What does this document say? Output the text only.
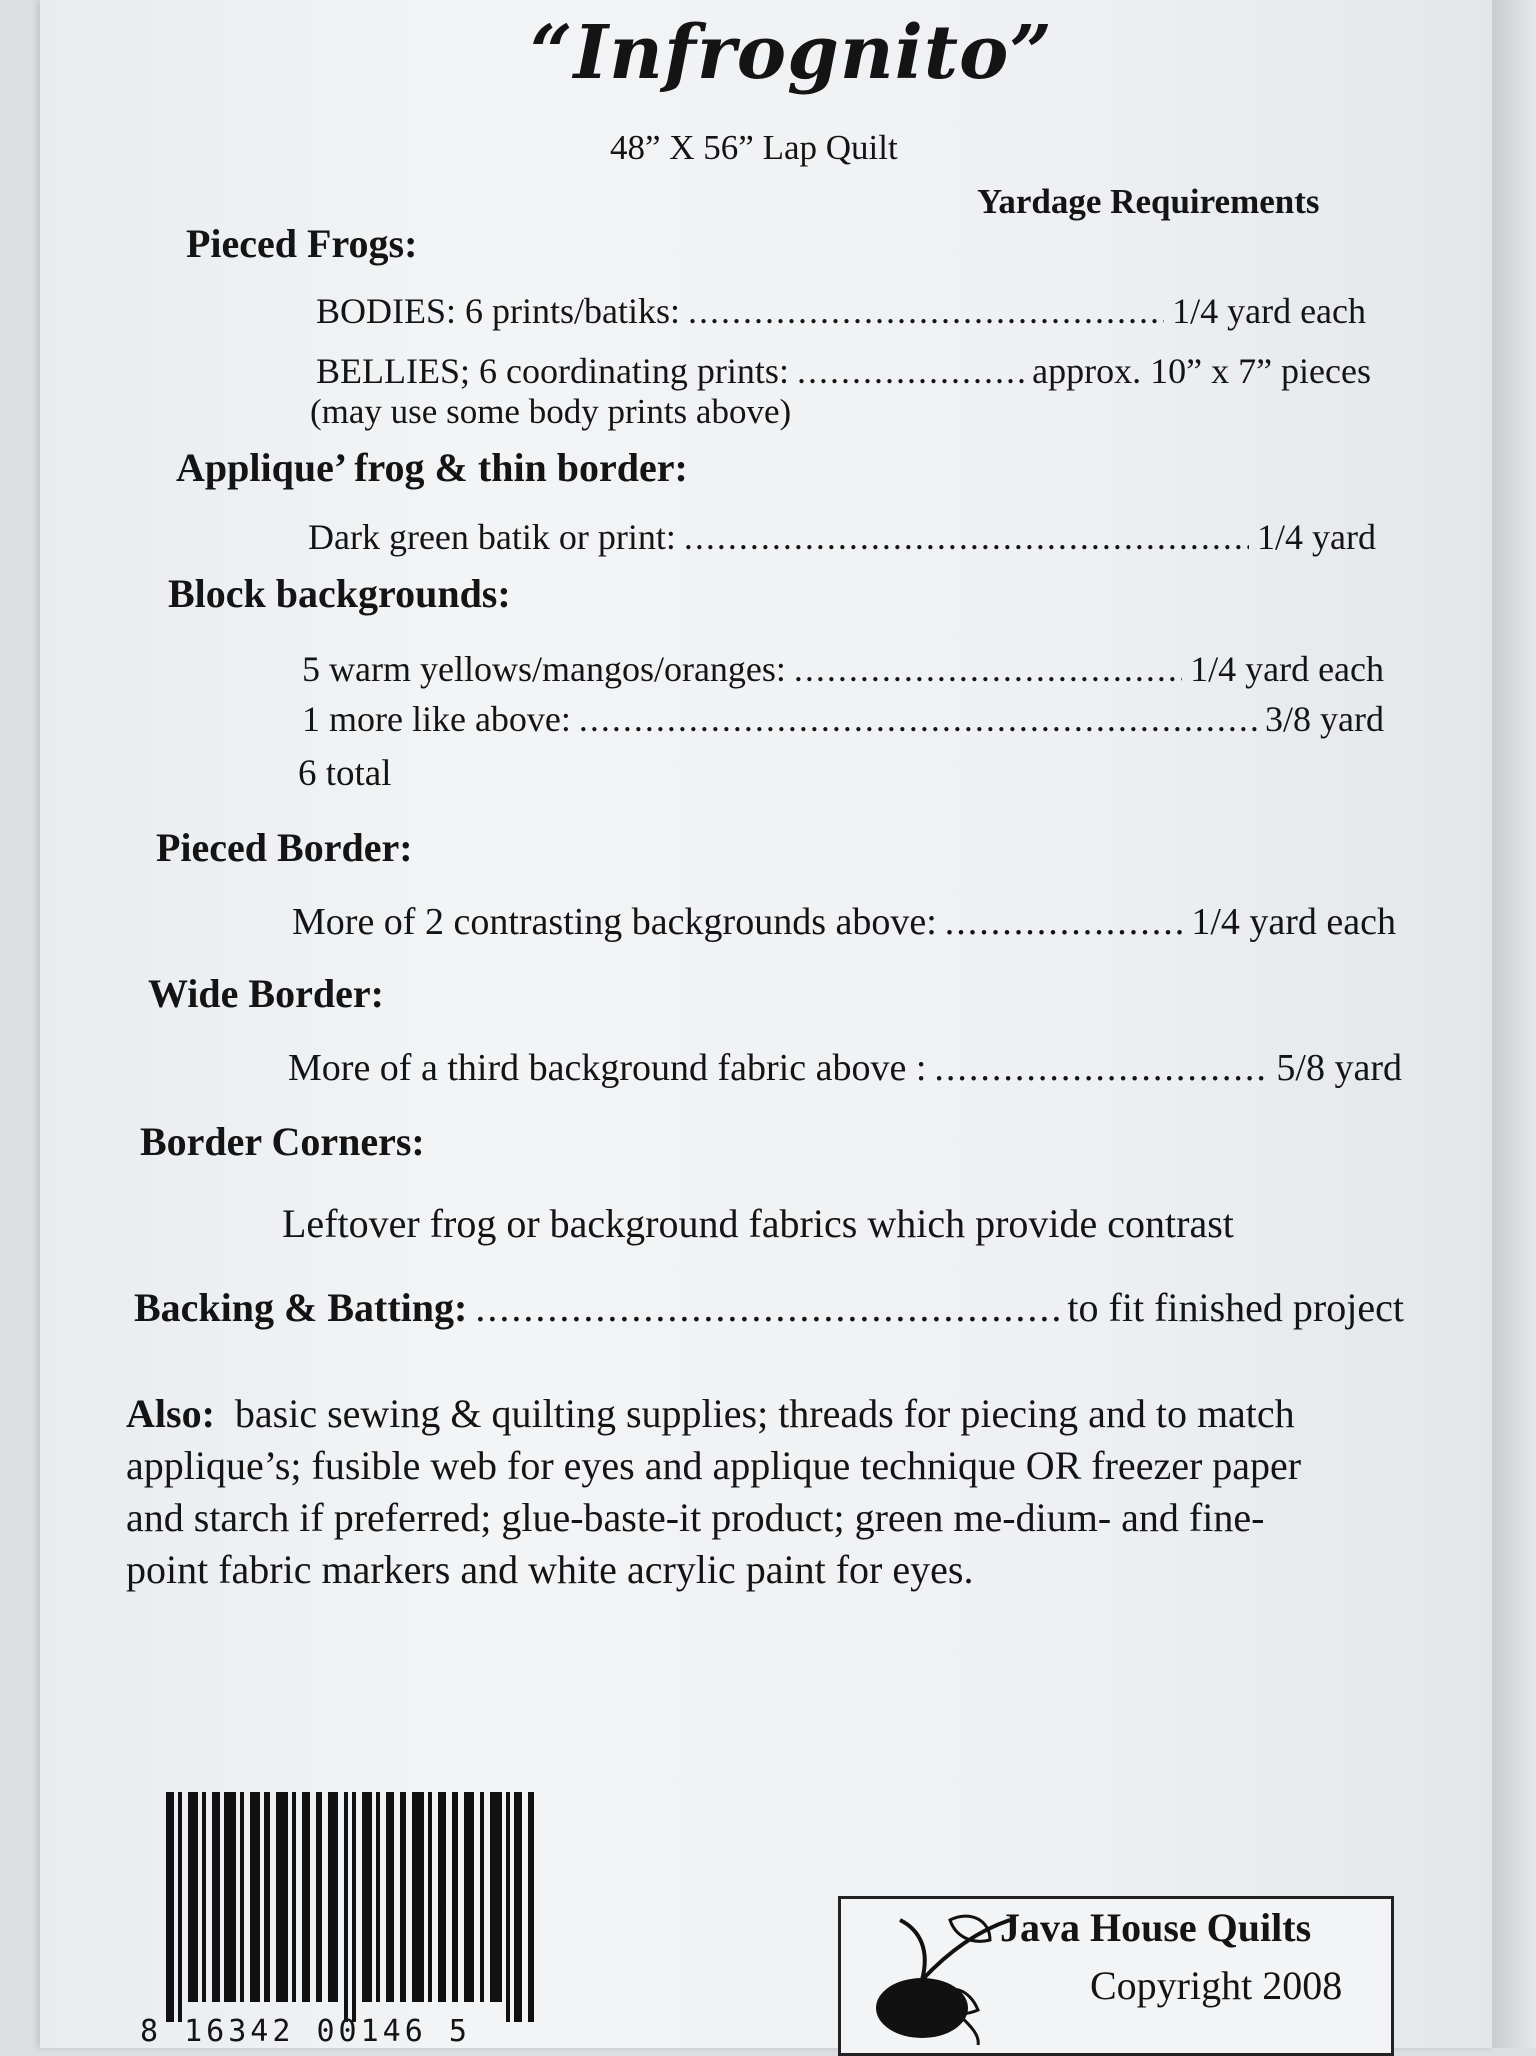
“Infrognito”
48” X 56” Lap Quilt
Yardage Requirements
Pieced Frogs:
BODIES: 6 prints/batiks: .....	1/4 yard each
BELLIES; 6 coordinating prints: .....	approx. 10” x 7” pieces
(may use some body prints above)
Applique’ frog & thin border:
Dark green batik or print: .....	1/4 yard
Block backgrounds:
5 warm yellows/mangos/oranges: .....	1/4 yard each
1 more like above: .....	3/8 yard
6 total
Pieced Border:
More of 2 contrasting backgrounds above: .....	1/4 yard each
Wide Border:
More of a third background fabric above : .....	5/8 yard
Border Corners:
Leftover frog or background fabrics which provide contrast
Backing & Batting: .....	to fit finished project
Also: basic sewing & quilting supplies; threads for piecing and to match applique’s; fusible web for eyes and applique technique OR freezer paper and starch if preferred; glue-baste-it product; green me-dium- and fine-point fabric markers and white acrylic paint for eyes.
8 16342 00146 5
Java House Quilts
Copyright 2008
